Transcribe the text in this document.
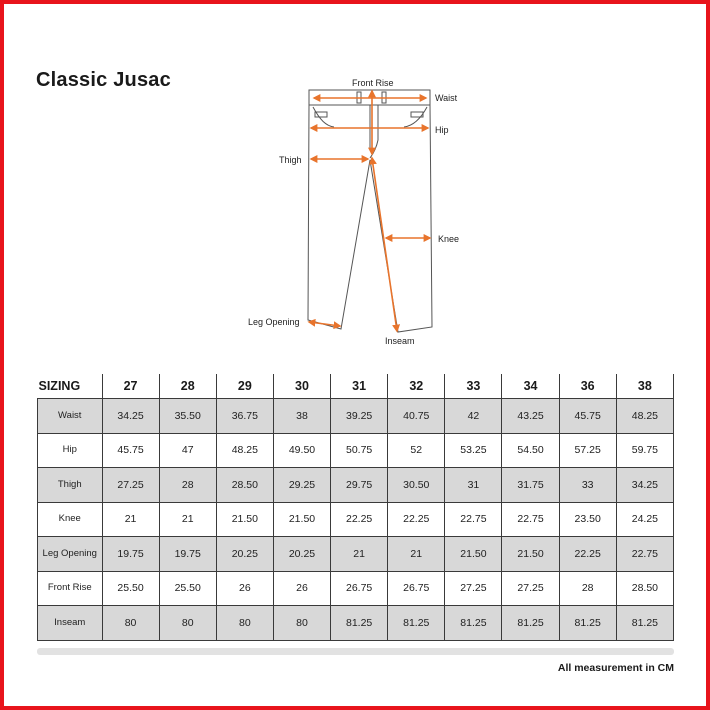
Classic Jusac	Front Rise
Waist
Hip
Thigh
Knee
Leg Opening
Inseam
SIZING	27	28	29	30	31	32	33	34	36	38
Waist	34.25	35.50	36.75	38	39.25	40.75	42	43.25	45.75	48.25
Hip	45.75	47	48.25	49.50	50.75	52	53.25	54.50	57.25	59.75
Thigh	27.25	28	28.50	29.25	29.75	30.50	31	31.75	33	34.25
Knee	21	21	21.50	21.50	22.25	22.25	22.75	22.75	23.50	24.25
Leg Opening	19.75	19.75	20.25	20.25	21	21	21.50	21.50	22.25	22.75
Front Rise	25.50	25.50	26	26	26.75	26.75	27.25	27.25	28	28.50
Inseam	80	80	80	80	81.25	81.25	81.25	81.25	81.25	81.25
All measurement in CM
